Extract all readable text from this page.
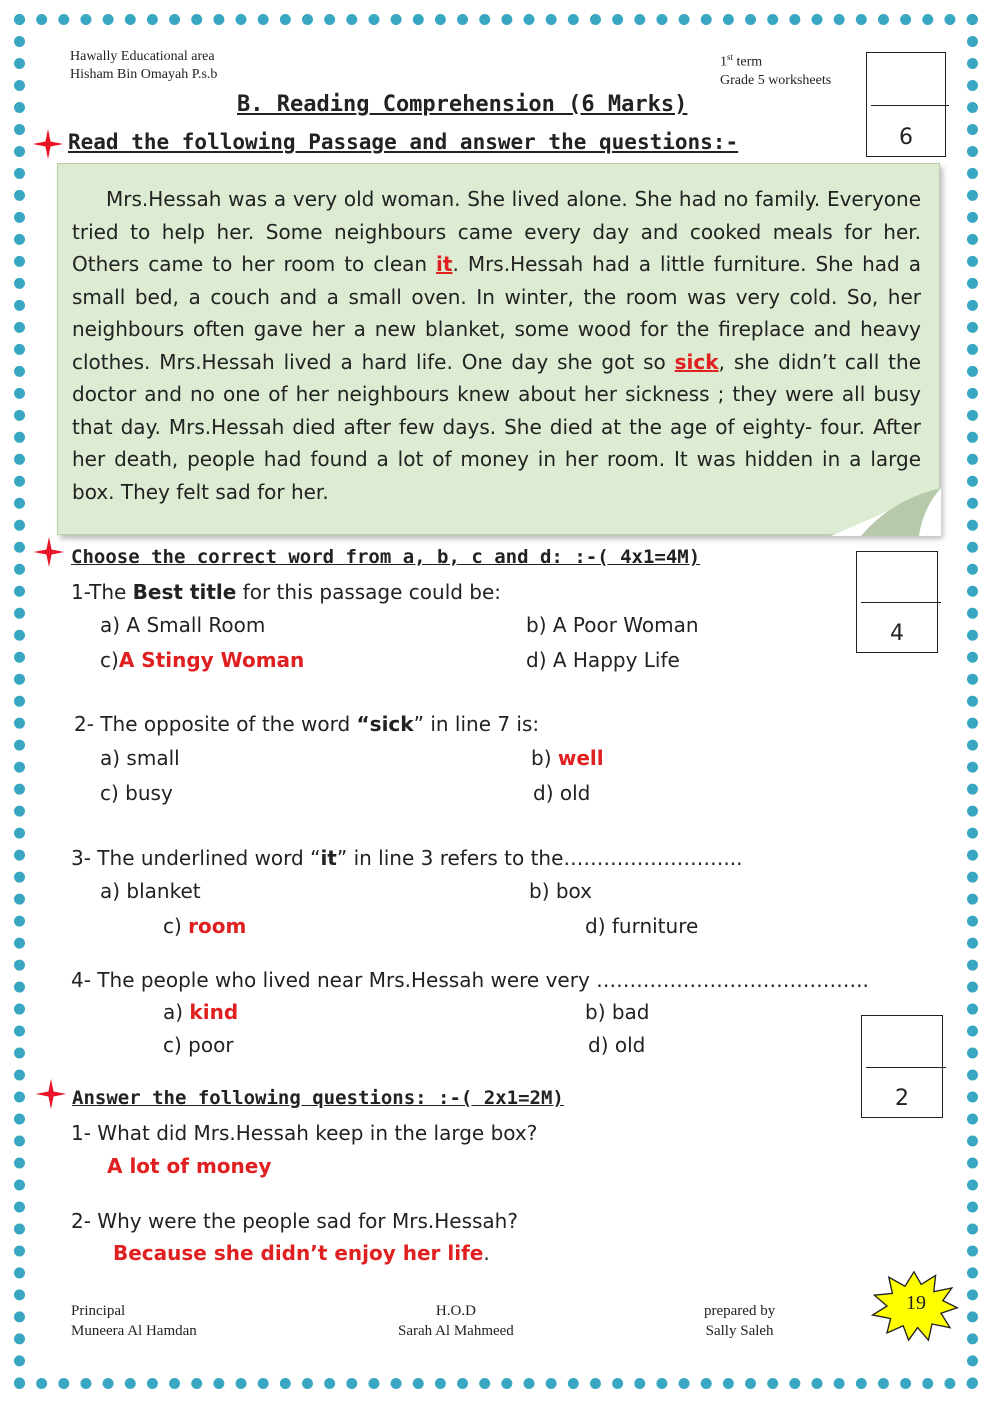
Hawally Educational area
Hisham Bin Omayah P.s.b
1st term
Grade 5 worksheets
6
B. Reading Comprehension (6 Marks)
Read the following Passage and answer the questions:-

Mrs.Hessah was a very old woman. She lived alone. She had no family. Everyone tried to help her. Some neighbours came every day and cooked meals for her. Others came to her room to clean it. Mrs.Hessah had a little furniture. She had a small bed, a couch and a small oven. In winter, the room was very cold. So, her neighbours often gave her a new blanket, some wood for the fireplace and heavy clothes. Mrs.Hessah lived a hard life. One day she got so sick, she didn’t call the doctor and no one of her neighbours knew about her sickness ; they were all busy that day. Mrs.Hessah died after few days. She died at the age of eighty- four. After her death, people had found a lot of money in her room. It was hidden in a large box. They felt sad for her.

Choose the correct word from a, b, c and d: :-( 4x1=4M)
4
1-The Best title for this passage could be:
a) A Small Room	b) A Poor Woman
c)A Stingy Woman	d) A Happy Life
2- The opposite of the word “sick” in line 7 is:
a) small	b) well
c) busy	d) old
3- The underlined word “it” in line 3 refers to the……………………...
a) blanket	b) box
c) room	d) furniture
4- The people who lived near Mrs.Hessah were very …………………………………..
a) kind	b) bad
c) poor	d) old
2
Answer the following questions: :-( 2x1=2M)
1- What did Mrs.Hessah keep in the large box?
A lot of money
2- Why were the people sad for Mrs.Hessah?
Because she didn’t enjoy her life.
Principal
Muneera Al Hamdan
H.O.D
Sarah Al Mahmeed
prepared by
Sally Saleh
19
